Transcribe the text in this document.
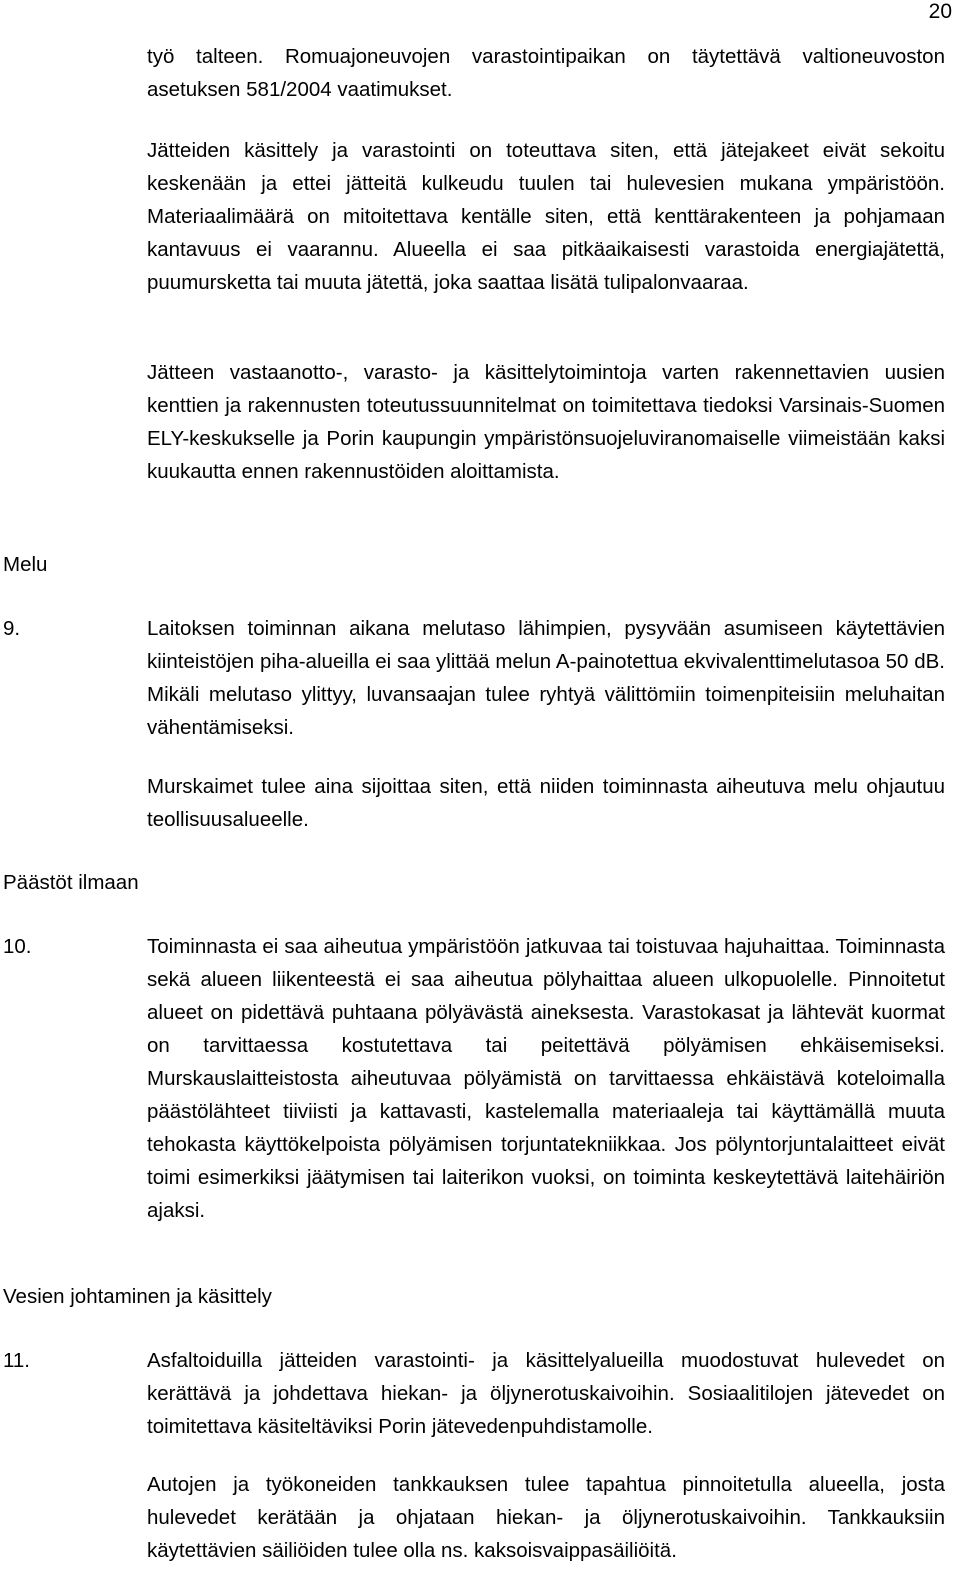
20

työ talteen. Romuajoneuvojen varastointipaikan on täytettävä valtioneuvoston asetuksen 581/2004 vaatimukset.

Jätteiden käsittely ja varastointi on toteuttava siten, että jätejakeet eivät sekoitu keskenään ja ettei jätteitä kulkeudu tuulen tai hulevesien mukana ympäristöön. Materiaalimäärä on mitoitettava kentälle siten, että kenttärakenteen ja pohjamaan kantavuus ei vaarannu. Alueella ei saa pitkäaikaisesti varastoida energiajätettä, puumursketta tai muuta jätettä, joka saattaa lisätä tulipalonvaaraa.

Jätteen vastaanotto-, varasto- ja käsittelytoimintoja varten rakennettavien uusien kenttien ja rakennusten toteutussuunnitelmat on toimitettava tiedoksi Varsinais-Suomen ELY-keskukselle ja Porin kaupungin ympäristönsuojeluviranomaiselle viimeistään kaksi kuukautta ennen rakennustöiden aloittamista.

Melu

9.	Laitoksen toiminnan aikana melutaso lähimpien, pysyvään asumiseen käytettävien kiinteistöjen piha-alueilla ei saa ylittää melun A-painotettua ekvivalenttimelutasoa 50 dB. Mikäli melutaso ylittyy, luvansaajan tulee ryhtyä välittömiin toimenpiteisiin meluhaitan vähentämiseksi.

Murskaimet tulee aina sijoittaa siten, että niiden toiminnasta aiheutuva melu ohjautuu teollisuusalueelle.

Päästöt ilmaan

10.	Toiminnasta ei saa aiheutua ympäristöön jatkuvaa tai toistuvaa hajuhaittaa. Toiminnasta sekä alueen liikenteestä ei saa aiheutua pölyhaittaa alueen ulkopuolelle. Pinnoitetut alueet on pidettävä puhtaana pölyävästä aineksesta. Varastokasat ja lähtevät kuormat on tarvittaessa kostutettava tai peitettävä pölyämisen ehkäisemiseksi. Murskauslaitteistosta aiheutuvaa pölyämistä on tarvittaessa ehkäistävä koteloimalla päästölähteet tiiviisti ja kattavasti, kastelemalla materiaaleja tai käyttämällä muuta tehokasta käyttökelpoista pölyämisen torjuntatekniikkaa. Jos pölyntorjuntalaitteet eivät toimi esimerkiksi jäätymisen tai laiterikon vuoksi, on toiminta keskeytettävä laitehäiriön ajaksi.

Vesien johtaminen ja käsittely

11.	Asfaltoiduilla jätteiden varastointi- ja käsittelyalueilla muodostuvat hulevedet on kerättävä ja johdettava hiekan- ja öljynerotuskaivoihin. Sosiaalitilojen jätevedet on toimitettava käsiteltäviksi Porin jätevedenpuhdistamolle.

Autojen ja työkoneiden tankkauksen tulee tapahtua pinnoitetulla alueella, josta hulevedet kerätään ja ohjataan hiekan- ja öljynerotuskaivoihin. Tankkauksiin käytettävien säiliöiden tulee olla ns. kaksoisvaippasäiliöitä.
